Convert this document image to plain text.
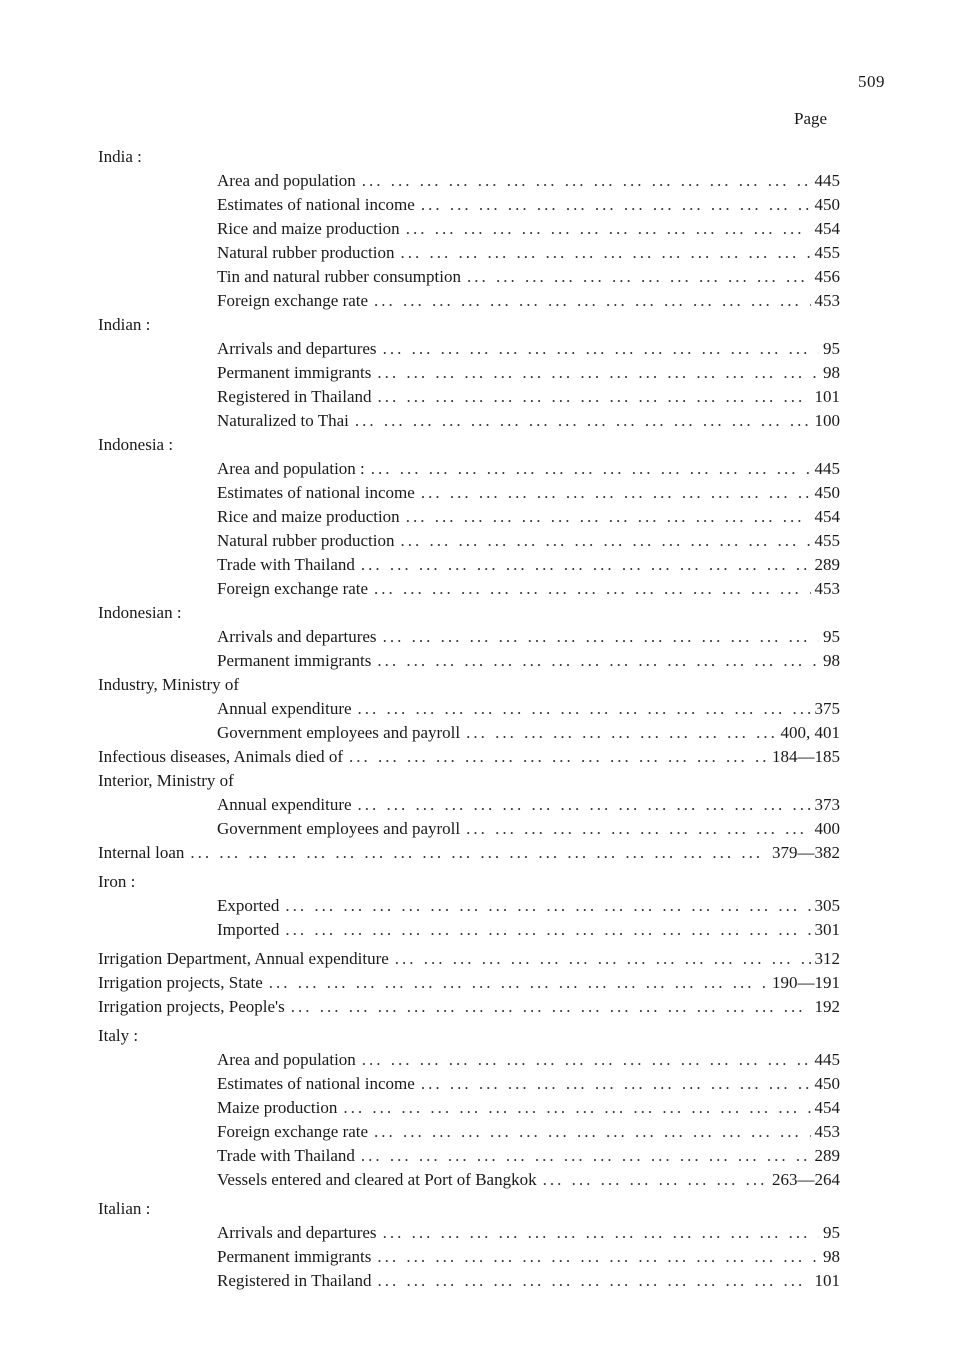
509
Page
India :
Area and population ... .	445
Estimates of national income ... .	450
Rice and maize production ... .	454
Natural rubber production ... .	455
Tin and natural rubber consumption ... .	456
Foreign exchange rate ... .	453
Indian :
Arrivals and departures ... .	95
Permanent immigrants ... .	98
Registered in Thailand ... .	101
Naturalized to Thai ... .	100
Indonesia :
Area and population : ... .	445
Estimates of national income ... .	450
Rice and maize production ... .	454
Natural rubber production ... .	455
Trade with Thailand ... .	289
Foreign exchange rate ... .	453
Indonesian :
Arrivals and departures ... .	95
Permanent immigrants ... .	98
Industry, Ministry of
Annual expenditure ... .	375
Government employees and payroll ... .	400, 401
Infectious diseases, Animals died of ... .	184—185
Interior, Ministry of
Annual expenditure ... .	373
Government employees and payroll ... .	400
Internal loan ... .	379—382
Iron :
Exported ... .	305
Imported ... .	301
Irrigation Department, Annual expenditure ... .	312
Irrigation projects, State ... .	190—191
Irrigation projects, People's ... .	192
Italy :
Area and population ... .	445
Estimates of national income ... .	450
Maize production ... .	454
Foreign exchange rate ... .	453
Trade with Thailand ... .	289
Vessels entered and cleared at Port of Bangkok ... .	263—264
Italian :
Arrivals and departures ... .	95
Permanent immigrants ... .	98
Registered in Thailand ... .	101
